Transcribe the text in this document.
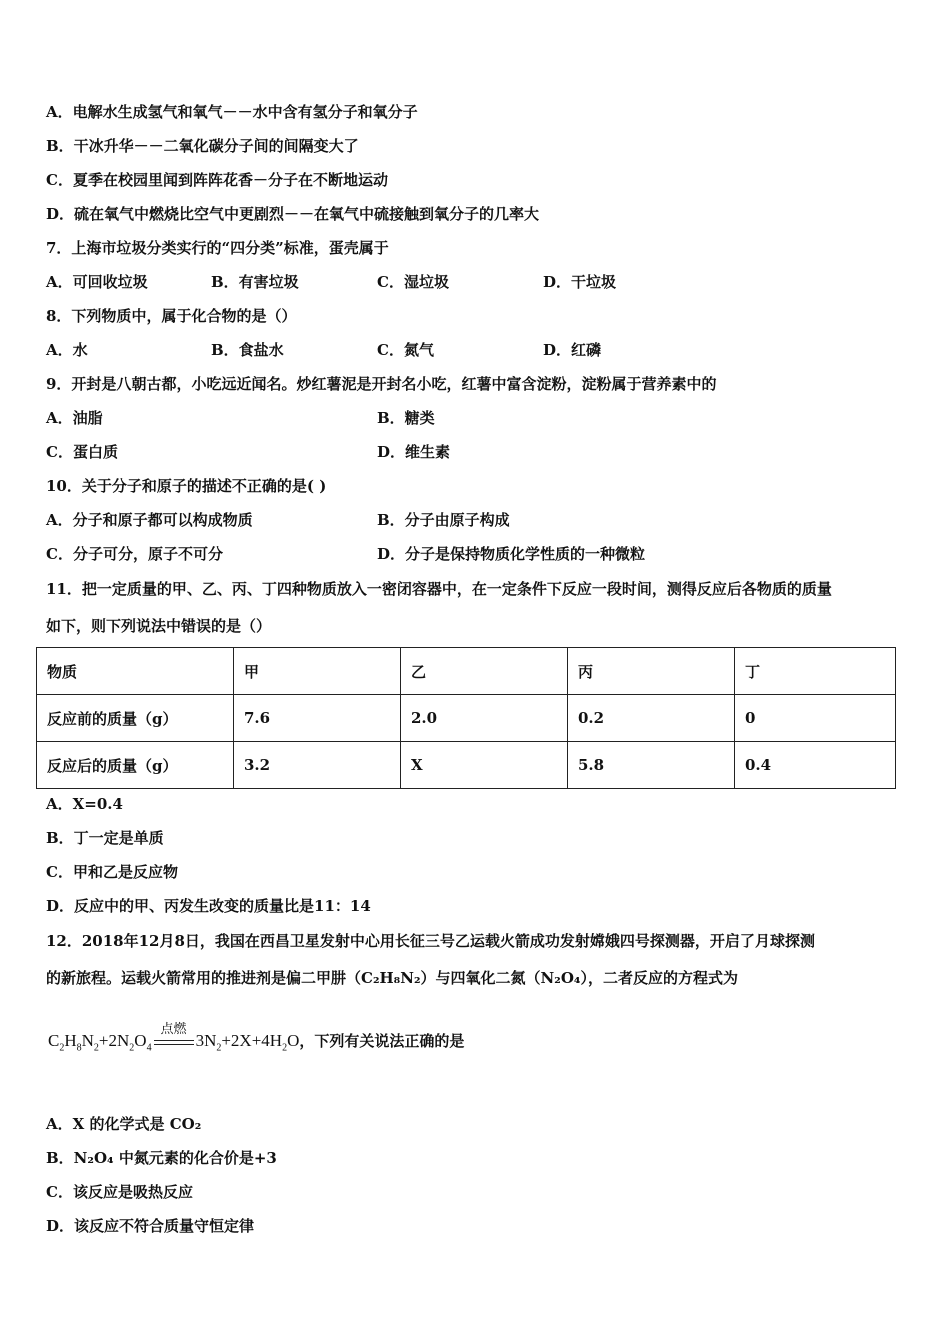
A．电解水生成氢气和氧气－－水中含有氢分子和氧分子
B．干冰升华－－二氧化碳分子间的间隔变大了
C．夏季在校园里闻到阵阵花香－分子在不断地运动
D．硫在氧气中燃烧比空气中更剧烈－－在氧气中硫接触到氧分子的几率大
7．上海市垃圾分类实行的“四分类”标准，蛋壳属于
A．可回收垃圾	B．有害垃圾	C．湿垃圾	D．干垃圾
8．下列物质中，属于化合物的是（）
A．水	B．食盐水	C．氮气	D．红磷
9．开封是八朝古都，小吃远近闻名。炒红薯泥是开封名小吃，红薯中富含淀粉，淀粉属于营养素中的
A．油脂	B．糖类
C．蛋白质	D．维生素
10．关于分子和原子的描述不正确的是( )
A．分子和原子都可以构成物质	B．分子由原子构成
C．分子可分，原子不可分	D．分子是保持物质化学性质的一种微粒
11．把一定质量的甲、乙、丙、丁四种物质放入一密闭容器中，在一定条件下反应一段时间，测得反应后各物质的质量
如下，则下列说法中错误的是（）
物质	甲	乙	丙	丁
反应前的质量（g）	7.6	2.0	0.2	0
反应后的质量（g）	3.2	X	5.8	0.4
A．X=0.4
B．丁一定是单质
C．甲和乙是反应物
D．反应中的甲、丙发生改变的质量比是11：14
12．2018年12月8日，我国在西昌卫星发射中心用长征三号乙运载火箭成功发射嫦娥四号探测器，开启了月球探测
的新旅程。运载火箭常用的推进剂是偏二甲肼（C₂H₈N₂）与四氧化二氮（N₂O₄），二者反应的方程式为
$C_2H_8N_2+2N_2O_4$
点燃
$3N_2+2X+4H_2O$，下列有关说法正确的是
A．X 的化学式是 CO₂
B．N₂O₄ 中氮元素的化合价是+3
C．该反应是吸热反应
D．该反应不符合质量守恒定律
